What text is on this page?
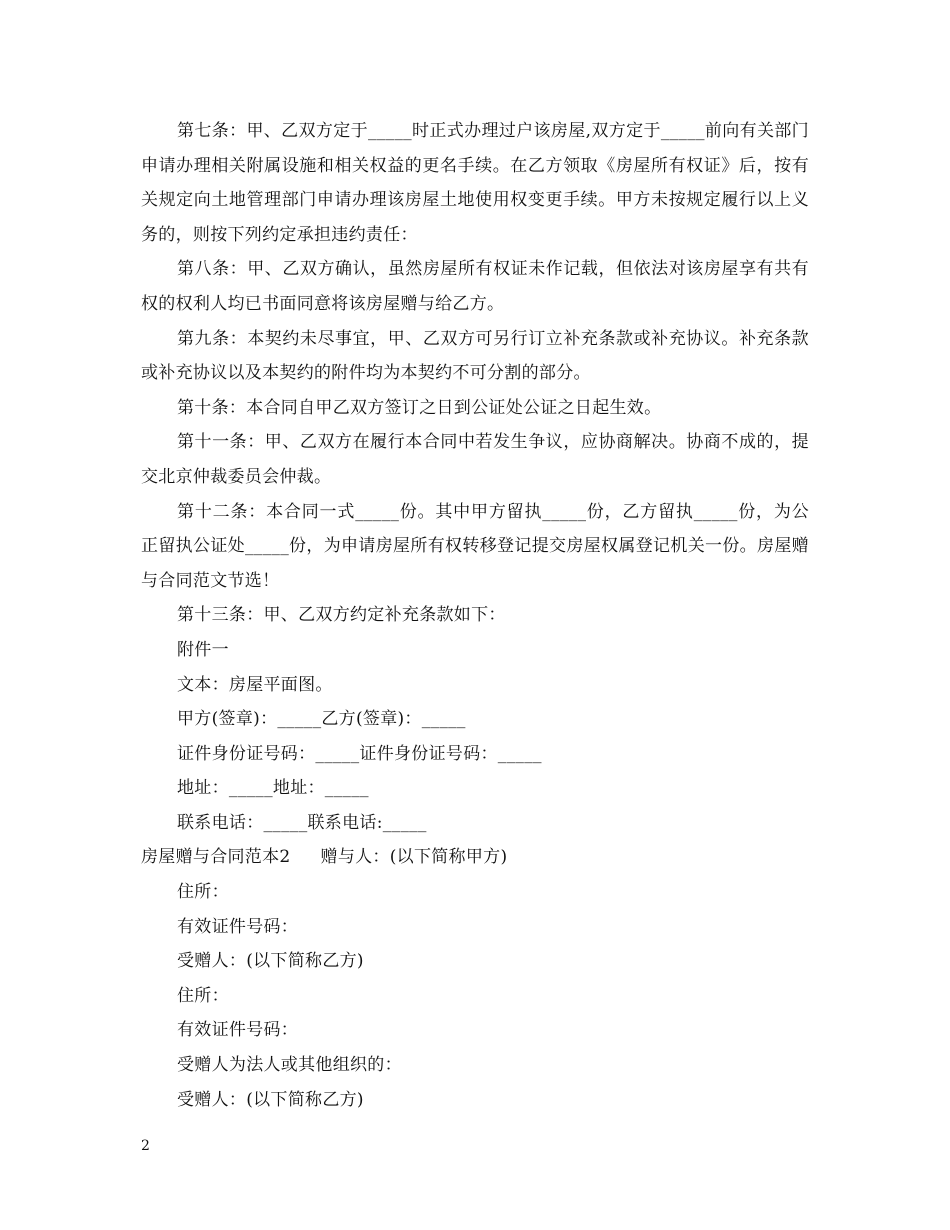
第七条：甲、乙双方定于_____时正式办理过户该房屋,双方定于_____前向有关部门申请办理相关附属设施和相关权益的更名手续。在乙方领取《房屋所有权证》后，按有关规定向土地管理部门申请办理该房屋土地使用权变更手续。甲方未按规定履行以上义务的，则按下列约定承担违约责任：

第八条：甲、乙双方确认，虽然房屋所有权证未作记载，但依法对该房屋享有共有权的权利人均已书面同意将该房屋赠与给乙方。

第九条：本契约未尽事宜，甲、乙双方可另行订立补充条款或补充协议。补充条款或补充协议以及本契约的附件均为本契约不可分割的部分。

第十条：本合同自甲乙双方签订之日到公证处公证之日起生效。

第十一条：甲、乙双方在履行本合同中若发生争议，应协商解决。协商不成的，提交北京仲裁委员会仲裁。

第十二条：本合同一式_____份。其中甲方留执_____份，乙方留执_____份，为公正留执公证处_____份，为申请房屋所有权转移登记提交房屋权属登记机关一份。房屋赠与合同范文节选！

第十三条：甲、乙双方约定补充条款如下：

附件一

文本：房屋平面图。

甲方(签章)：_____乙方(签章)：_____

证件身份证号码：_____证件身份证号码：_____

地址：_____地址：_____

联系电话：_____联系电话:_____

房屋赠与合同范本2 赠与人：(以下简称甲方)

住所：

有效证件号码：

受赠人：(以下简称乙方)

住所：

有效证件号码：

受赠人为法人或其他组织的：

受赠人：(以下简称乙方)

2
